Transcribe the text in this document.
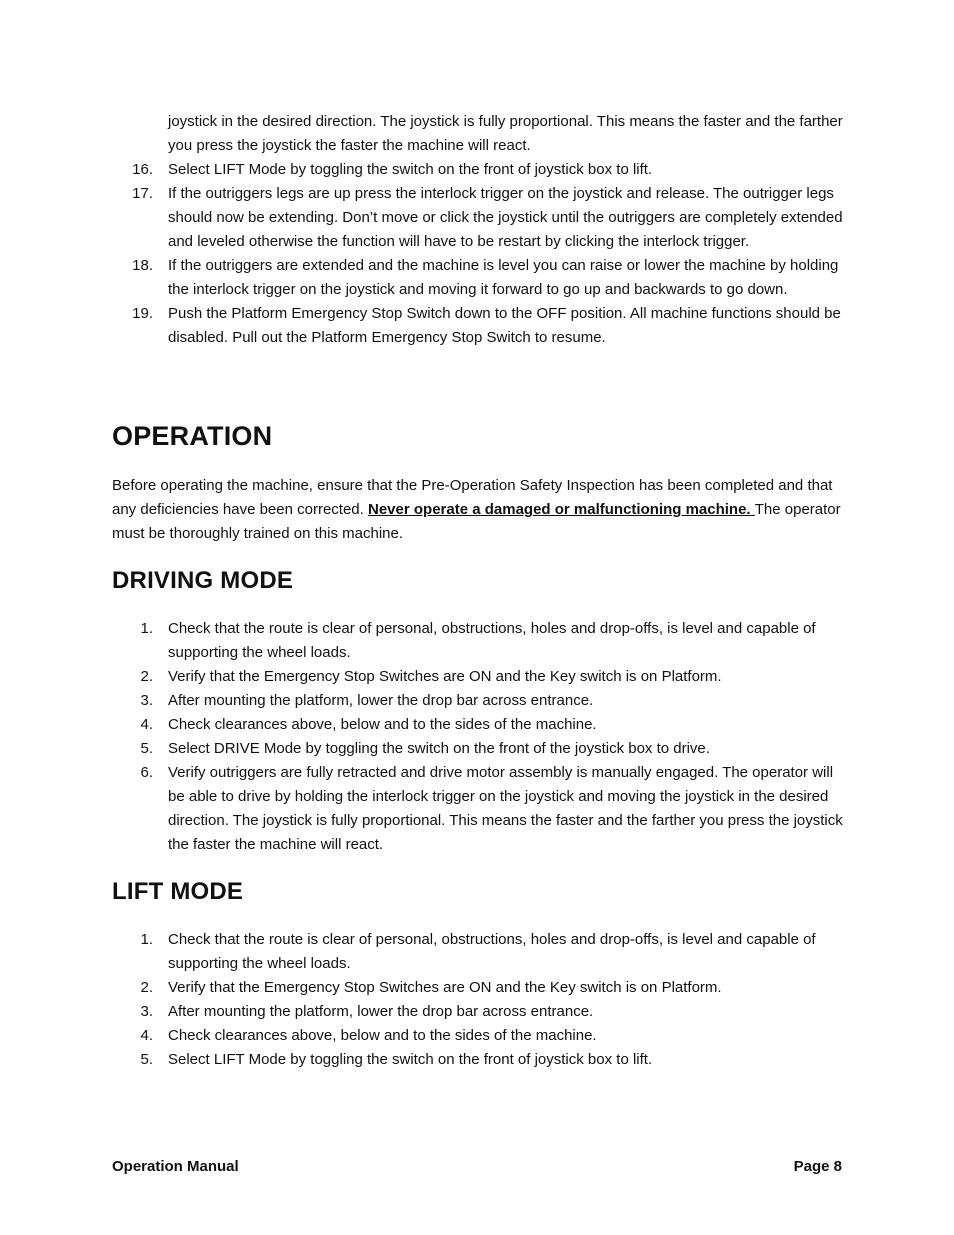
joystick in the desired direction. The joystick is fully proportional. This means the faster and the farther you press the joystick the faster the machine will react.

16. Select LIFT Mode by toggling the switch on the front of joystick box to lift.
17. If the outriggers legs are up press the interlock trigger on the joystick and release. The outrigger legs should now be extending. Don’t move or click the joystick until the outriggers are completely extended and leveled otherwise the function will have to be restart by clicking the interlock trigger.
18. If the outriggers are extended and the machine is level you can raise or lower the machine by holding the interlock trigger on the joystick and moving it forward to go up and backwards to go down.
19. Push the Platform Emergency Stop Switch down to the OFF position. All machine functions should be disabled. Pull out the Platform Emergency Stop Switch to resume.
OPERATION

Before operating the machine, ensure that the Pre-Operation Safety Inspection has been completed and that any deficiencies have been corrected. Never operate a damaged or malfunctioning machine. The operator must be thoroughly trained on this machine.

DRIVING MODE
1. Check that the route is clear of personal, obstructions, holes and drop-offs, is level and capable of supporting the wheel loads.
2. Verify that the Emergency Stop Switches are ON and the Key switch is on Platform.
3. After mounting the platform, lower the drop bar across entrance.
4. Check clearances above, below and to the sides of the machine.
5. Select DRIVE Mode by toggling the switch on the front of the joystick box to drive.
6. Verify outriggers are fully retracted and drive motor assembly is manually engaged. The operator will be able to drive by holding the interlock trigger on the joystick and moving the joystick in the desired direction. The joystick is fully proportional. This means the faster and the farther you press the joystick the faster the machine will react.
LIFT MODE
1. Check that the route is clear of personal, obstructions, holes and drop-offs, is level and capable of supporting the wheel loads.
2. Verify that the Emergency Stop Switches are ON and the Key switch is on Platform.
3. After mounting the platform, lower the drop bar across entrance.
4. Check clearances above, below and to the sides of the machine.
5. Select LIFT Mode by toggling the switch on the front of joystick box to lift.
Operation Manual	Page 8
